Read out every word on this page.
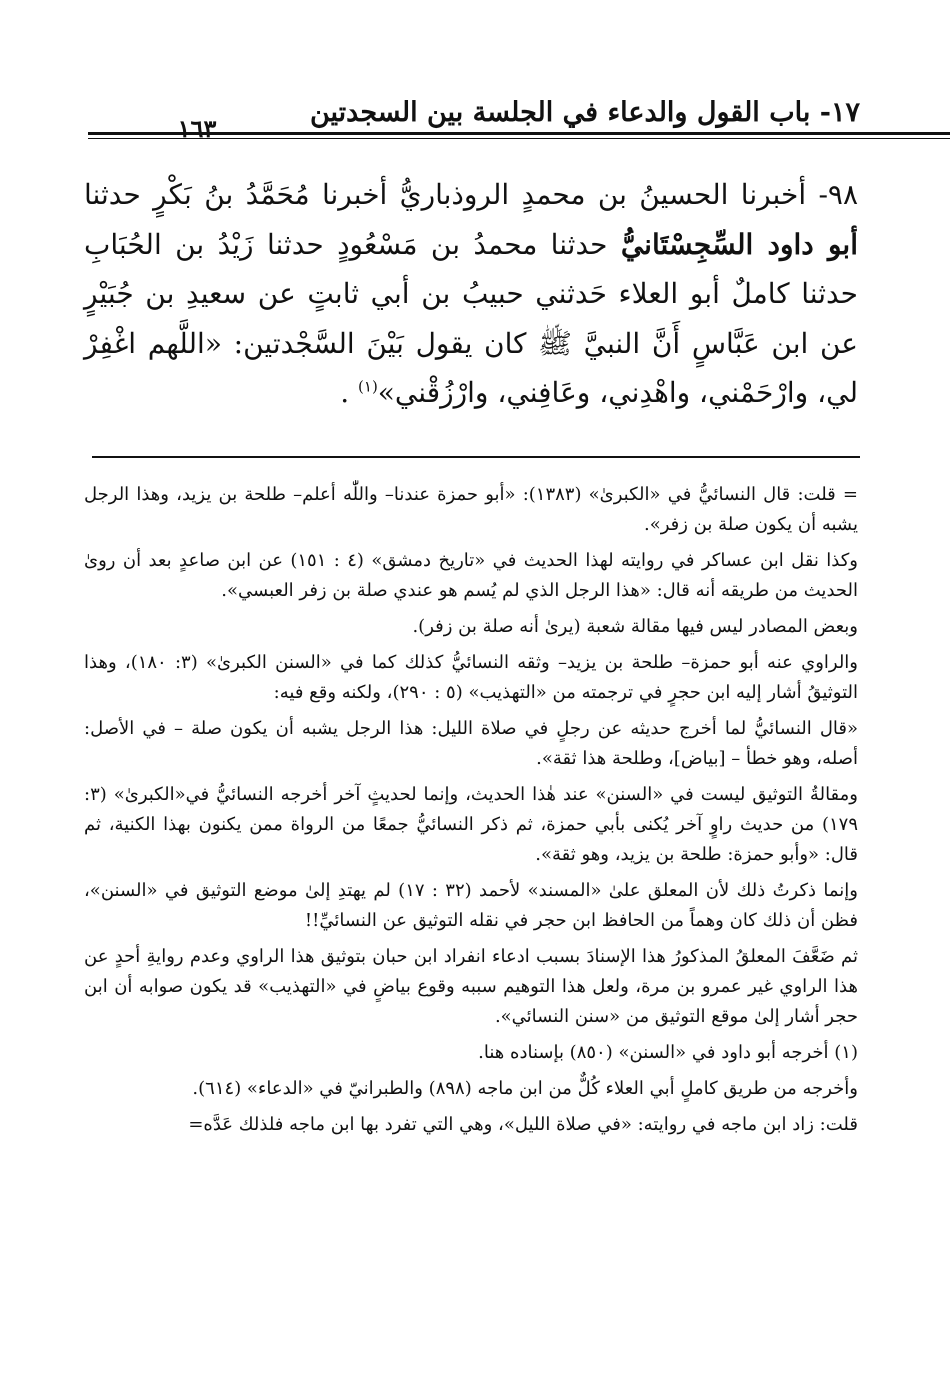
١٧- باب القول والدعاء في الجلسة بين السجدتين
١٦٣

٩٨- أخبرنا الحسينُ بن محمدٍ الروذباريُّ أخبرنا مُحَمَّدُ بنُ بَكْرٍ حدثنا أبو داود السِّجِسْتَانيُّ حدثنا محمدُ بن مَسْعُودٍ حدثنا زَيْدُ بن الحُبَابِ حدثنا كاملٌ أبو العلاء حَدثني حبيبُ بن أبي ثابتٍ عن سعيدِ بن جُبَيْرٍ عن ابن عَبَّاسٍ أَنَّ النبيَّ ﷺ كان يقول بَيْنَ السَّجْدتين: «اللَّهم اغْفِرْ لي، وارْحَمْني، واهْدِني، وعَافِني، وارْزُقْني»$^{(١)}$ .

= قلت: قال النسائيُّ في «الكبرىٰ» (١٣٨٣): «أبو حمزة عندنا– واللّٰه أعلم– طلحة بن يزيد، وهذا الرجل يشبه أن يكون صلة بن زفر».

وكذا نقل ابن عساكر في روايته لهذا الحديث في «تاريخ دمشق» (٤ : ١٥١) عن ابن صاعدٍ بعد أن روىٰ الحديث من طريقه أنه قال: «هذا الرجل الذي لم يُسم هو عندي صلة بن زفر العبسي».

وبعض المصادر ليس فيها مقالة شعبة (يرىٰ أنه صلة بن زفر).

والراوي عنه أبو حمزة– طلحة بن يزيد– وثقه النسائيُّ كذلك كما في «السنن الكبرىٰ» (٣: ١٨٠)، وهذا التوثيقُ أشار إليه ابن حجرٍ في ترجمته من «التهذيب» (٥ : ٢٩٠)، ولكنه وقع فيه:

«قال النسائيُّ لما أخرج حديثه عن رجلٍ في صلاة الليل: هذا الرجل يشبه أن يكون صلة – في الأصل: أصله، وهو خطأ – [بياض]، وطلحة هذا ثقة».

ومقالةُ التوثيق ليست في «السنن» عند هٰذا الحديث، وإنما لحديثٍ آخر أخرجه النسائيُّ في«الكبرىٰ» (٣: ١٧٩) من حديث راوٍ آخر يُكنى بأبي حمزة، ثم ذكر النسائيُّ جمعًا من الرواة ممن يكنون بهذا الكنية، ثم قال: «وأبو حمزة: طلحة بن يزيد، وهو ثقة».

وإنما ذكرتُ ذلك لأن المعلق علىٰ «المسند» لأحمد (٣٢ : ١٧) لم يهتدِ إلىٰ موضع التوثيق في «السنن»، فظن أن ذلك كان وهماً من الحافظ ابن حجر في نقله التوثيق عن النسائيِّ!!

ثم ضَعَّفَ المعلقُ المذكورُ هذا الإسنادَ بسبب ادعاء انفراد ابن حبان بتوثيق هذا الراوي وعدم روايةِ أحدٍ عن هذا الراوي غير عمرو بن مرة، ولعل هذا التوهيم سببه وقوع بياضٍ في «التهذيب» قد يكون صوابه أن ابن حجر أشار إلىٰ موقع التوثيق من «سنن النسائي».

(١) أخرجه أبو داود في «السنن» (٨٥٠) بإسناده هنا.

وأخرجه من طريق كاملٍ أبي العلاء كُلٌّ من ابن ماجه (٨٩٨) والطبرانيّ في «الدعاء» (٦١٤).

قلت: زاد ابن ماجه في روايته: «في صلاة الليل»، وهي التي تفرد بها ابن ماجه فلذلك عَدَّه=
